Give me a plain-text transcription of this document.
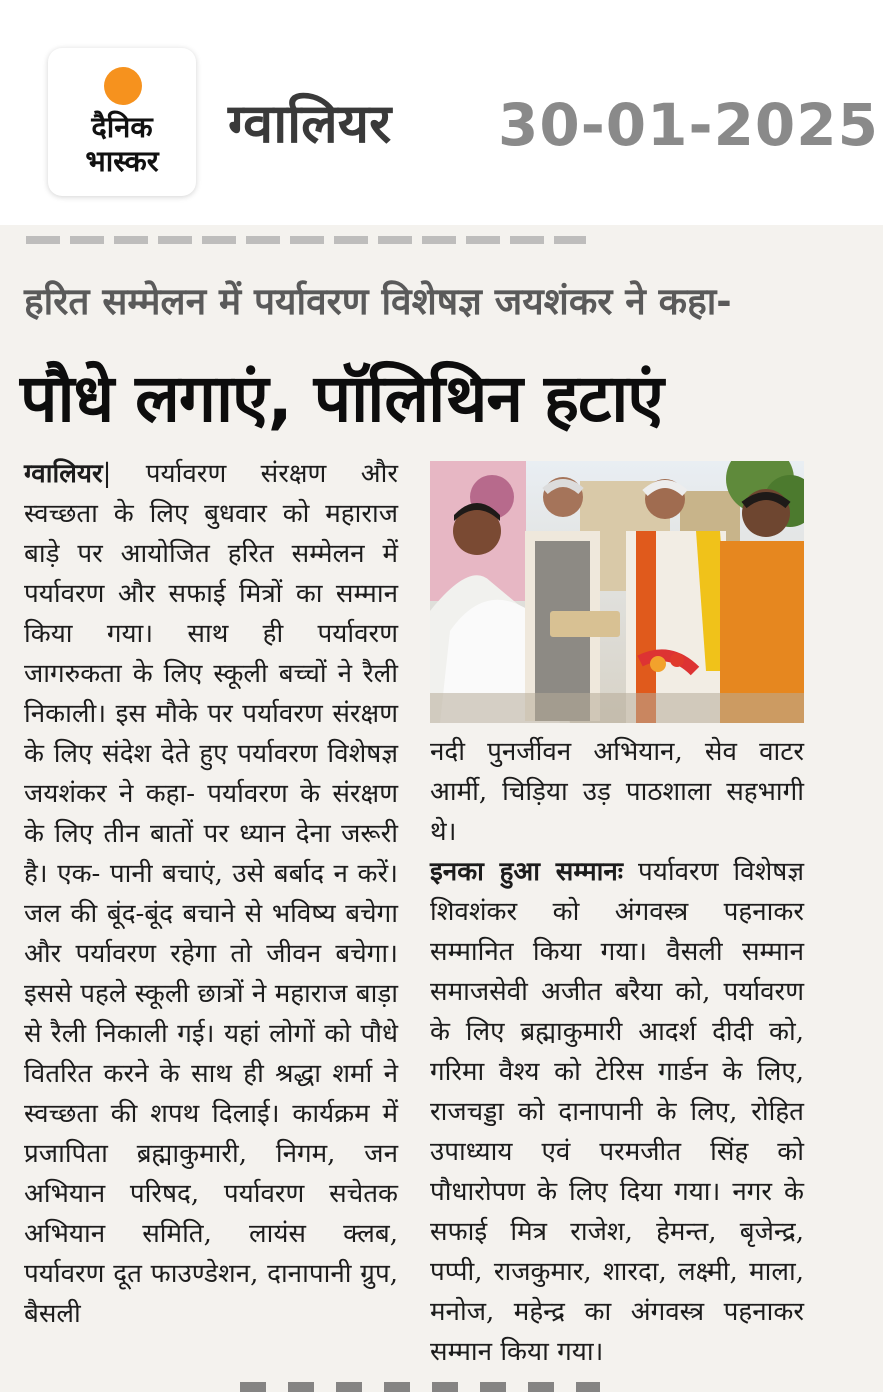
दैनिक
भास्कर
ग्वालियर 30-01-2025
हरित सम्मेलन में पर्यावरण विशेषज्ञ जयशंकर ने कहा-
पौधे लगाएं, पॉलिथिन हटाएं

ग्वालियर| पर्यावरण संरक्षण और स्वच्छता के लिए बुधवार को महाराज बाड़े पर आयोजित हरित सम्मेलन में पर्यावरण और सफाई मित्रों का सम्मान किया गया। साथ ही पर्यावरण जागरुकता के लिए स्कूली बच्चों ने रैली निकाली। इस मौके पर पर्यावरण संरक्षण के लिए संदेश देते हुए पर्यावरण विशेषज्ञ जयशंकर ने कहा- पर्यावरण के संरक्षण के लिए तीन बातों पर ध्यान देना जरूरी है। एक- पानी बचाएं, उसे बर्बाद न करें। जल की बूंद-बूंद बचाने से भविष्य बचेगा और पर्यावरण रहेगा तो जीवन बचेगा। इससे पहले स्कूली छात्रों ने महाराज बाड़ा से रैली निकाली गई। यहां लोगों को पौधे वितरित करने के साथ ही श्रद्धा शर्मा ने स्वच्छता की शपथ दिलाई। कार्यक्रम में प्रजापिता ब्रह्माकुमारी, निगम, जन अभियान परिषद, पर्यावरण सचेतक अभियान समिति, लायंस क्लब, पर्यावरण दूत फाउण्डेशन, दानापानी ग्रुप, बैसली

नदी पुनर्जीवन अभियान, सेव वाटर आर्मी, चिड़िया उड़ पाठशाला सहभागी थे।

इनका हुआ सम्मानः पर्यावरण विशेषज्ञ शिवशंकर को अंगवस्त्र पहनाकर सम्मानित किया गया। वैसली सम्मान समाजसेवी अजीत बरैया को, पर्यावरण के लिए ब्रह्माकुमारी आदर्श दीदी को, गरिमा वैश्य को टेरिस गार्डन के लिए, राजचड्डा को दानापानी के लिए, रोहित उपाध्याय एवं परमजीत सिंह को पौधारोपण के लिए दिया गया। नगर के सफाई मित्र राजेश, हेमन्त, बृजेन्द्र, पप्पी, राजकुमार, शारदा, लक्ष्मी, माला, मनोज, महेन्द्र का अंगवस्त्र पहनाकर सम्मान किया गया।
